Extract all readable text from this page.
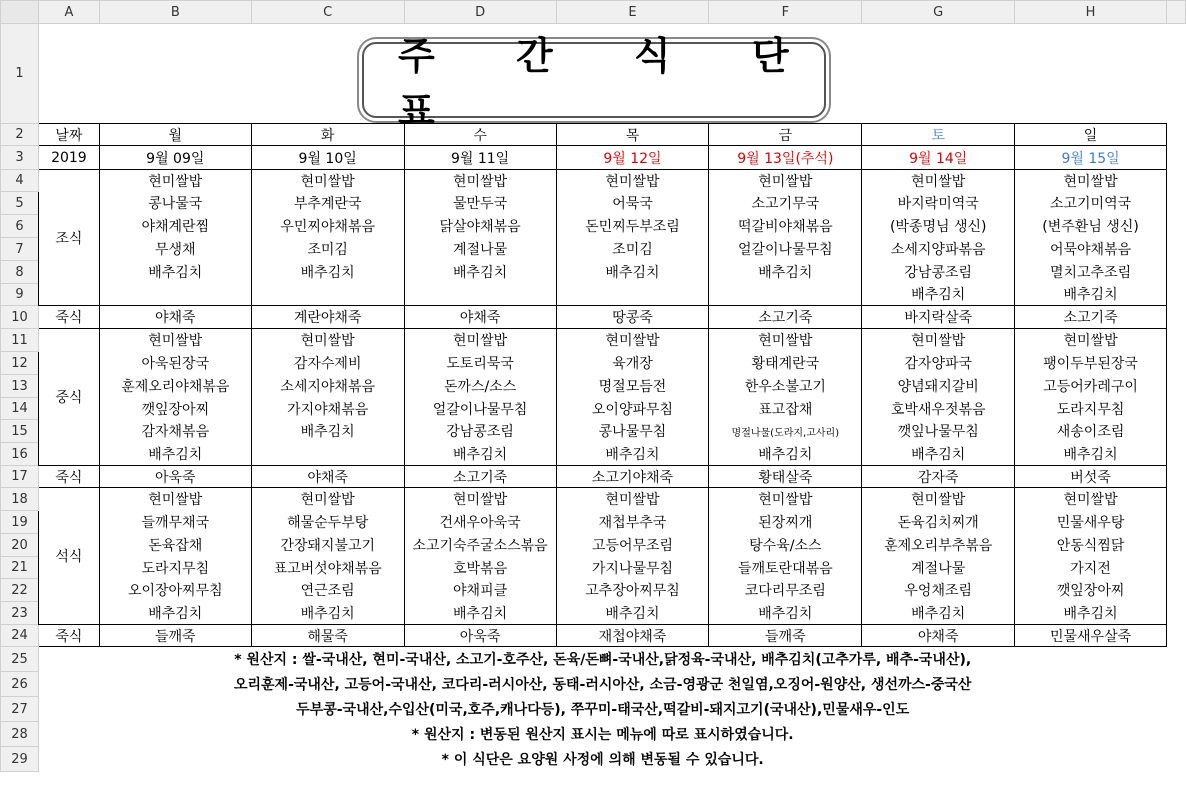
	A	B	C	D	E	F	G	H	
1									
2	날짜	월	화	수	목	금	토	일	
3	2019	9월 09일	9월 10일	9월 11일	9월 12일	9월 13일(추석)	9월 14일	9월 15일	
4	조식	현미쌀밥	현미쌀밥	현미쌀밥	현미쌀밥	현미쌀밥	현미쌀밥	현미쌀밥	
5		콩나물국	부추계란국	물만두국	어묵국	소고기무국	바지락미역국	소고기미역국	
6		야채계란찜	우민찌야채볶음	닭살야채볶음	돈민찌두부조림	떡갈비야채볶음	(박종명님 생신)	(변주환님 생신)	
7		무생채	조미김	계절나물	조미김	얼갈이나물무침	소세지양파볶음	어묵야채볶음	
8		배추김치	배추김치	배추김치	배추김치	배추김치	강남콩조림	멸치고추조림	
9							배추김치	배추김치	
10	죽식	야채죽	계란야채죽	야채죽	땅콩죽	소고기죽	바지락살죽	소고기죽	
11	중식	현미쌀밥	현미쌀밥	현미쌀밥	현미쌀밥	현미쌀밥	현미쌀밥	현미쌀밥	
12		아욱된장국	감자수제비	도토리묵국	육개장	황태계란국	감자양파국	팽이두부된장국	
13		훈제오리야채볶음	소세지야채볶음	돈까스/소스	명절모듬전	한우소불고기	양념돼지갈비	고등어카레구이	
14		깻잎장아찌	가지야채볶음	얼갈이나물무침	오이양파무침	표고잡채	호박새우젓볶음	도라지무침	
15		감자채볶음	배추김치	강남콩조림	콩나물무침	명절나물(도라지,고사리)	깻잎나물무침	새송이조림	
16		배추김치		배추김치	배추김치	배추김치	배추김치	배추김치	
17	죽식	아욱죽	야채죽	소고기죽	소고기야채죽	황태살죽	감자죽	버섯죽	
18	석식	현미쌀밥	현미쌀밥	현미쌀밥	현미쌀밥	현미쌀밥	현미쌀밥	현미쌀밥	
19		들깨무채국	해물순두부탕	건새우아욱국	재첩부추국	된장찌개	돈육김치찌개	민물새우탕	
20		돈육잡채	간장돼지불고기	소고기숙주굴소스볶음	고등어무조림	탕수육/소스	훈제오리부추볶음	안동식찜닭	
21		도라지무침	표고버섯야채볶음	호박볶음	가지나물무침	들깨토란대볶음	계절나물	가지전	
22		오이장아찌무침	연근조림	야채피클	고추장아찌무침	코다리무조림	우엉채조림	깻잎장아찌	
23		배추김치	배추김치	배추김치	배추김치	배추김치	배추김치	배추김치	
24	죽식	들깨죽	해물죽	아욱죽	재첩야채죽	들깨죽	야채죽	민물새우살죽	
25	* 원산지 : 쌀-국내산, 현미-국내산, 소고기-호주산, 돈육/돈뼈-국내산,닭정육-국내산, 배추김치(고추가루, 배추-국내산),								
26	오리훈제-국내산, 고등어-국내산, 코다리-러시아산, 동태-러시아산, 소금-영광군 천일염,오징어-원양산, 생선까스-중국산								
27	두부콩-국내산,수입산(미국,호주,캐나다등), 쭈꾸미-태국산,떡갈비-돼지고기(국내산),민물새우-인도								
28	* 원산지 : 변동된 원산지 표시는 메뉴에 따로 표시하였습니다.								
29	* 이 식단은 요양원 사정에 의해 변동될 수 있습니다.								
주 간 식 단 표
